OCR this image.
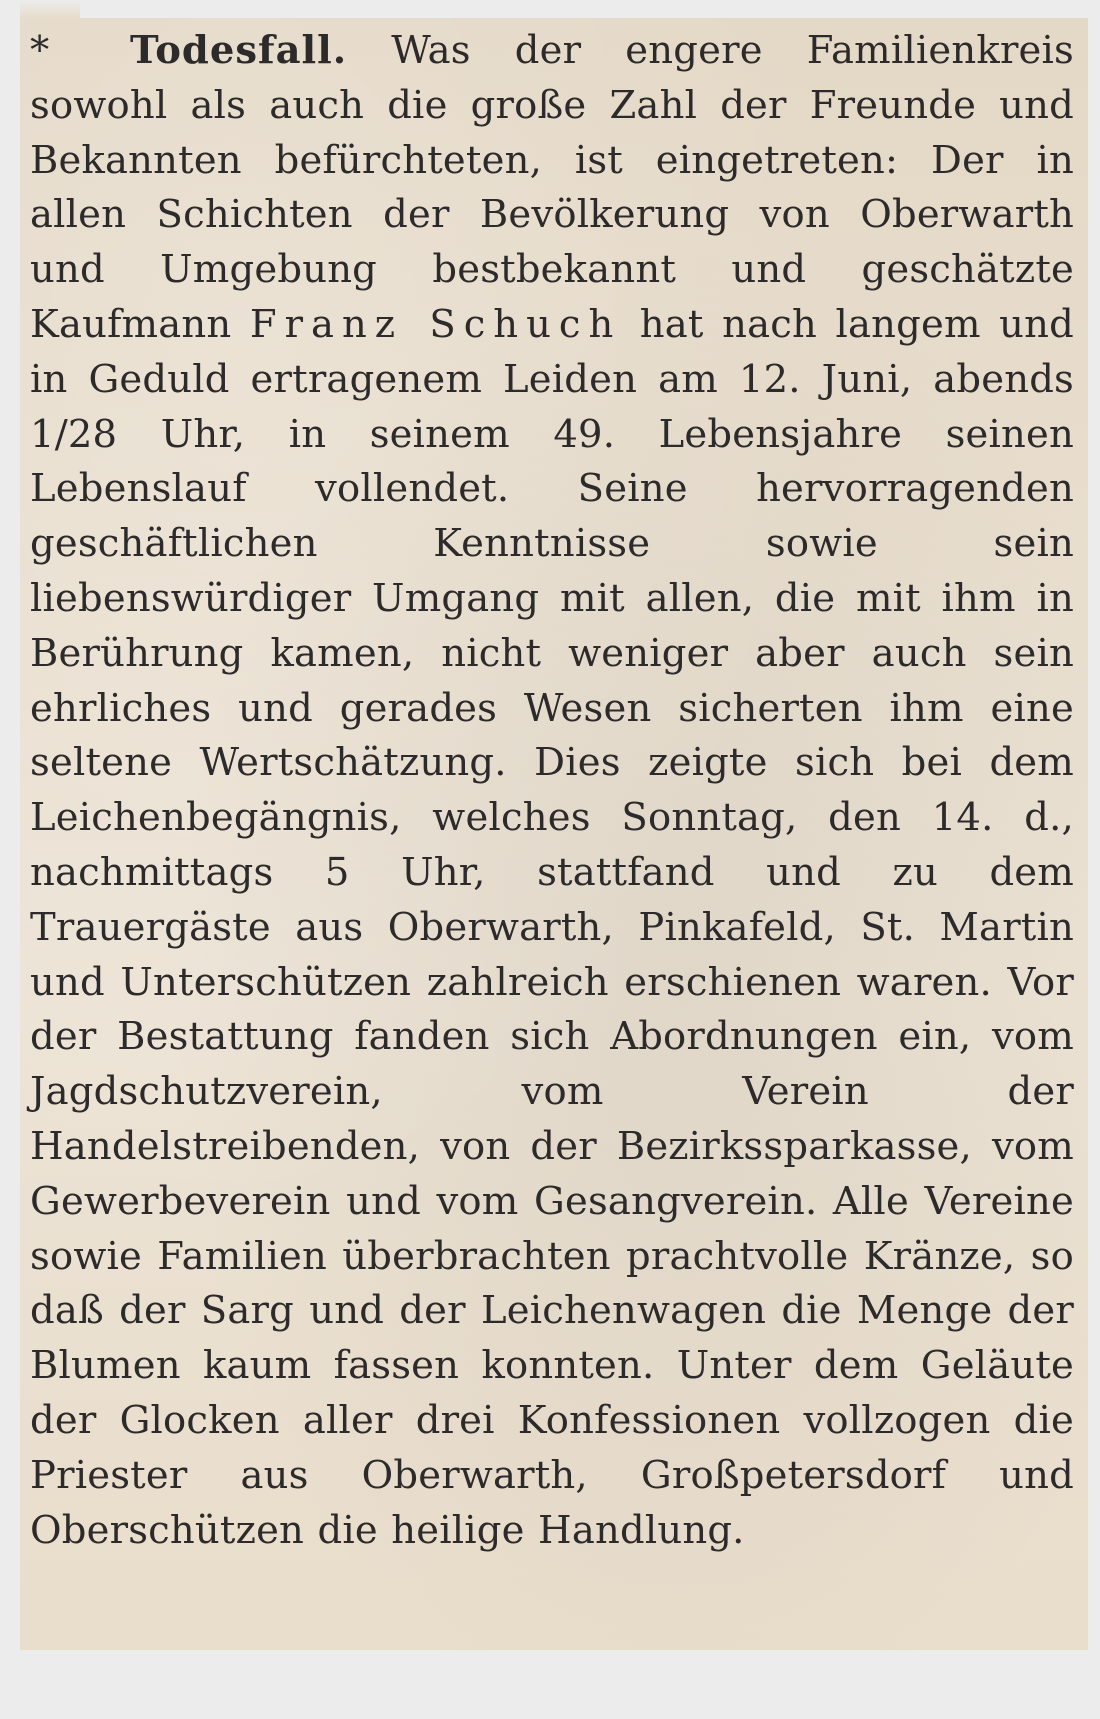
* Todesfall. Was der engere Familienkreis sowohl als auch die große Zahl der Freunde und Bekannten befürchteten, ist eingetreten: Der in allen Schichten der Bevölkerung von Oberwarth und Umgebung bestbekannt und geschätzte Kaufmann Franz Schuch hat nach langem und in Geduld ertragenem Leiden am 12. Juni, abends 1/28 Uhr, in seinem 49. Lebensjahre seinen Lebenslauf vollendet. Seine hervorragenden geschäftlichen Kenntnisse sowie sein liebenswürdiger Umgang mit allen, die mit ihm in Berührung kamen, nicht weniger aber auch sein ehrliches und gerades Wesen sicherten ihm eine seltene Wertschätzung. Dies zeigte sich bei dem Leichenbegängnis, welches Sonntag, den 14. d., nachmittags 5 Uhr, stattfand und zu dem Trauergäste aus Oberwarth, Pinkafeld, St. Martin und Unterschützen zahlreich erschienen waren. Vor der Bestattung fanden sich Abordnungen ein, vom Jagdschutzverein, vom Verein der Handelstreibenden, von der Bezirkssparkasse, vom Gewerbeverein und vom Gesangverein. Alle Vereine sowie Familien überbrachten prachtvolle Kränze, so daß der Sarg und der Leichenwagen die Menge der Blumen kaum fassen konnten. Unter dem Geläute der Glocken aller drei Konfessionen vollzogen die Priester aus Oberwarth, Großpetersdorf und Oberschützen die heilige Handlung.
